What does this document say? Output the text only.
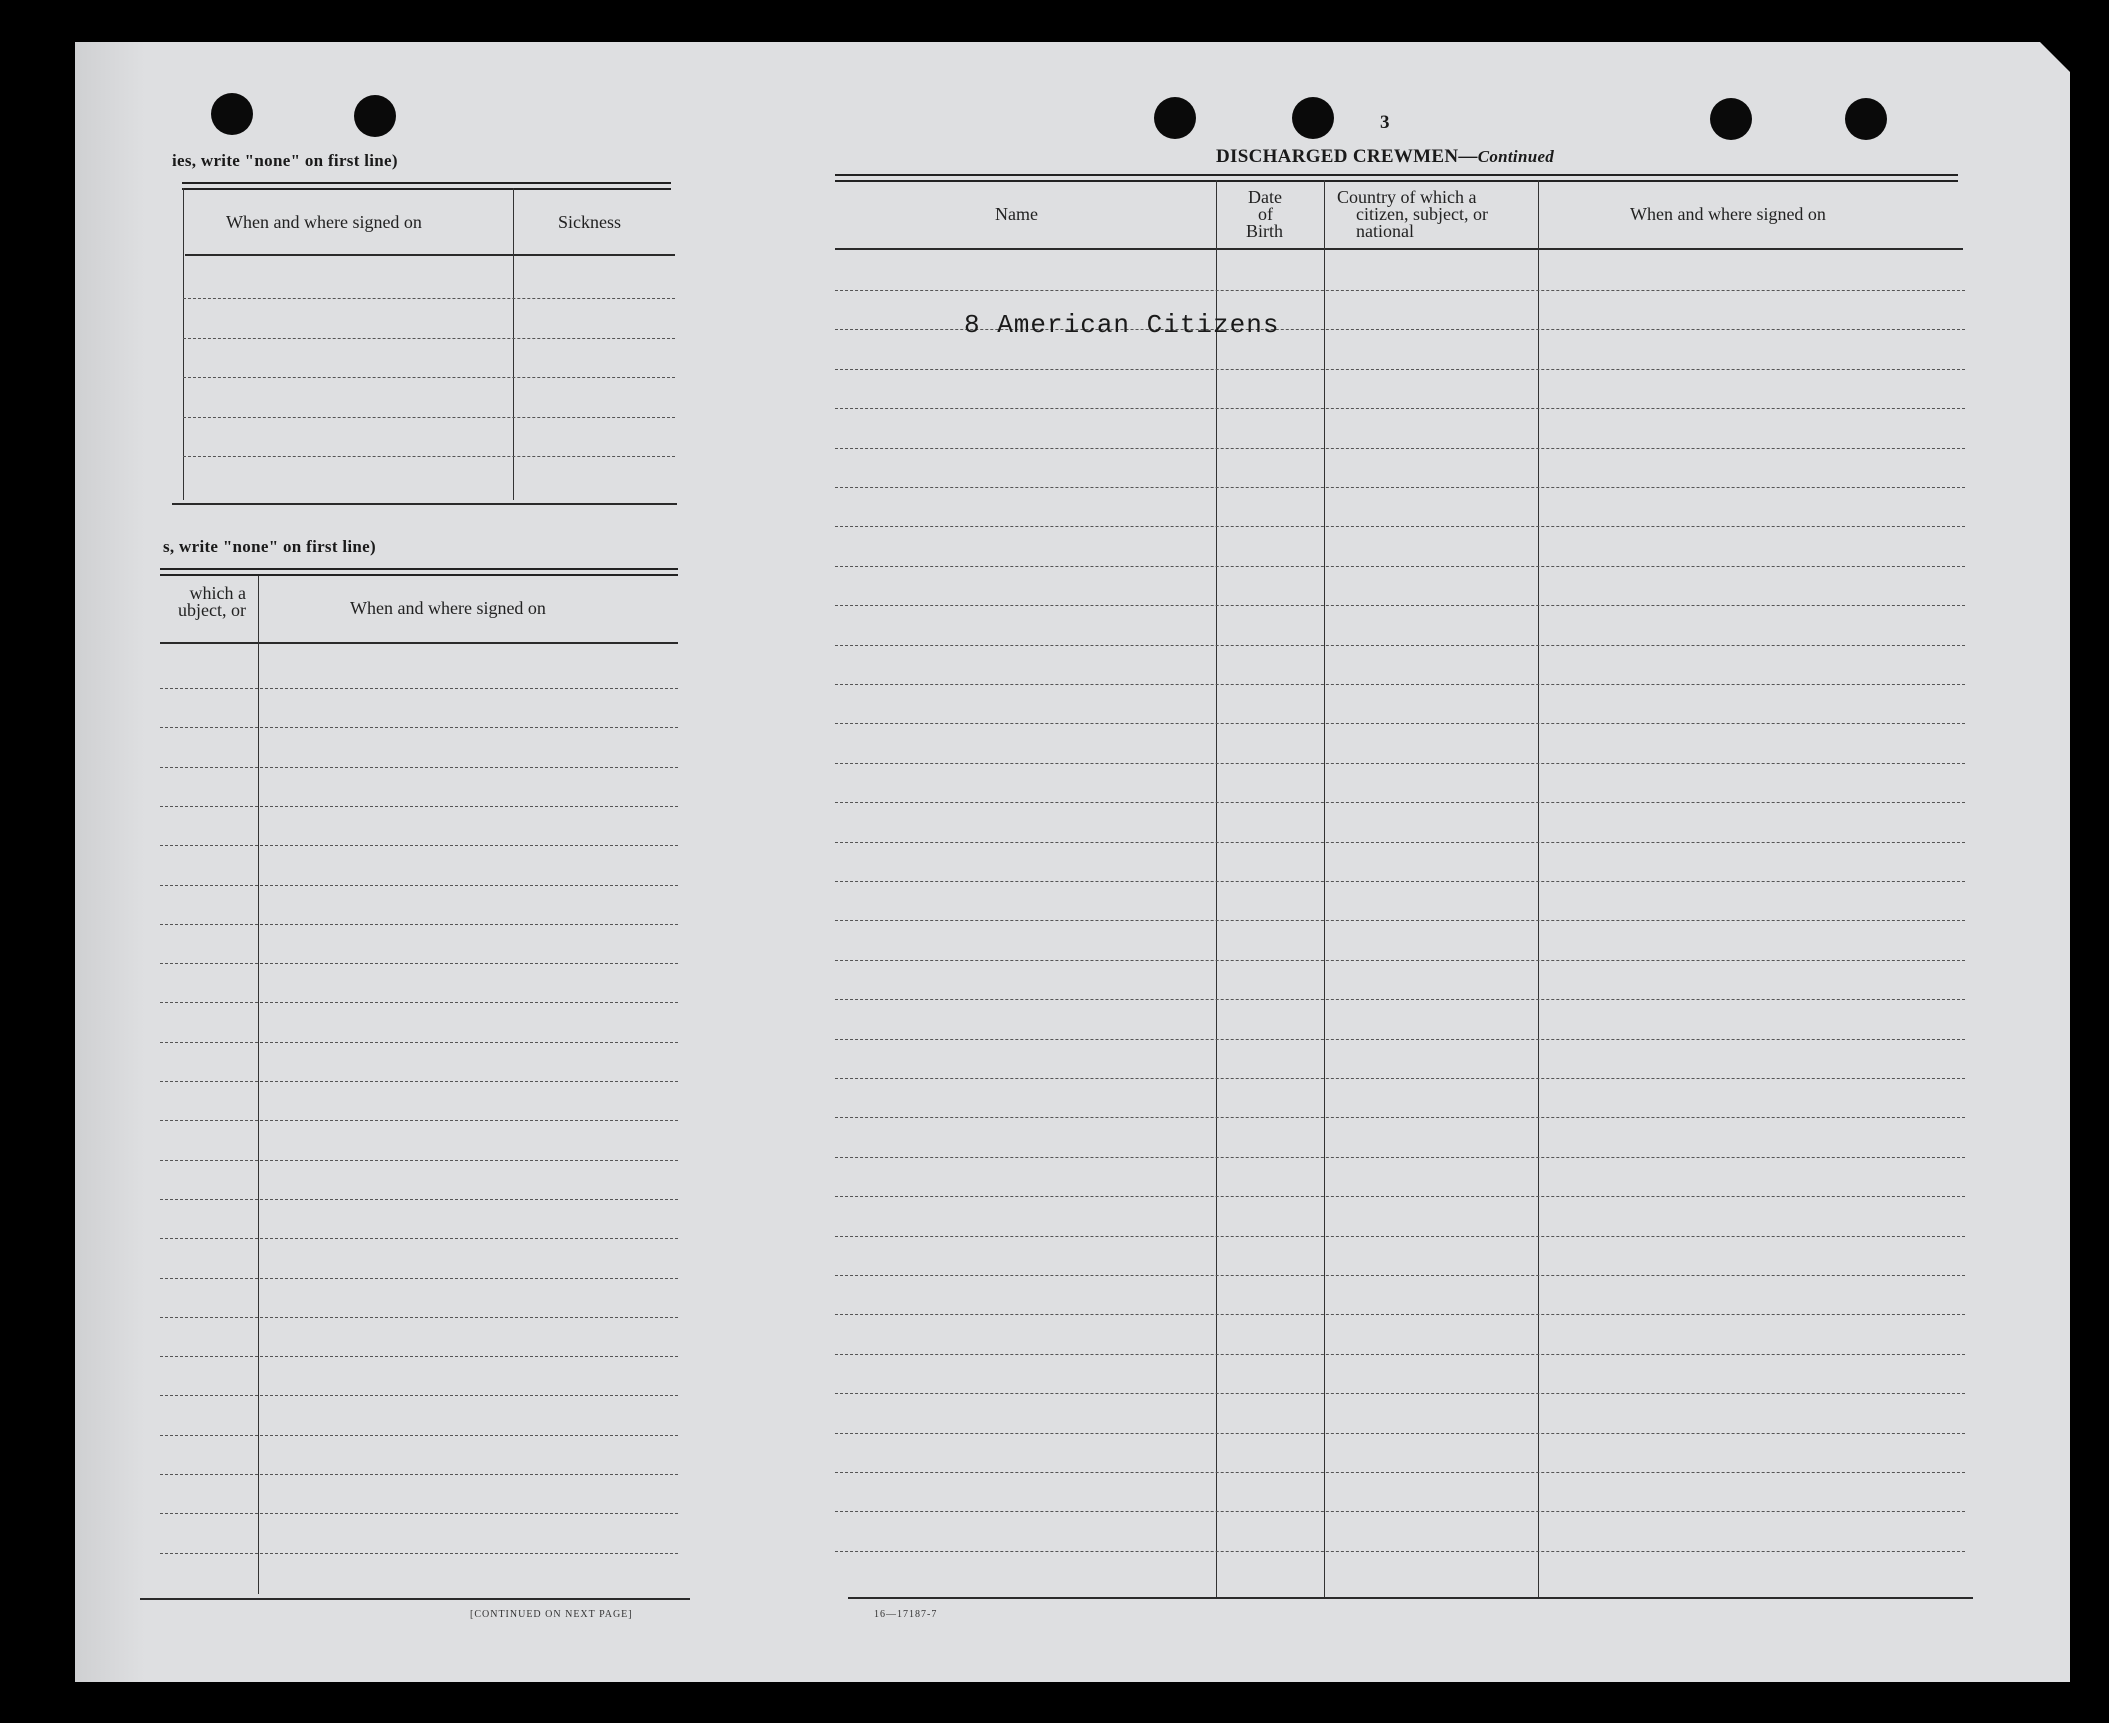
ies, write "none" on first line)
When and where signed on	Sickness
s, write "none" on first line)
which a
ubject, or	When and where signed on
[CONTINUED ON NEXT PAGE]
3
DISCHARGED CREWMEN—Continued
Name
Date
of
Birth
Country of which a
citizen, subject, or
national
When and where signed on
8 American Citizens
16—17187-7
